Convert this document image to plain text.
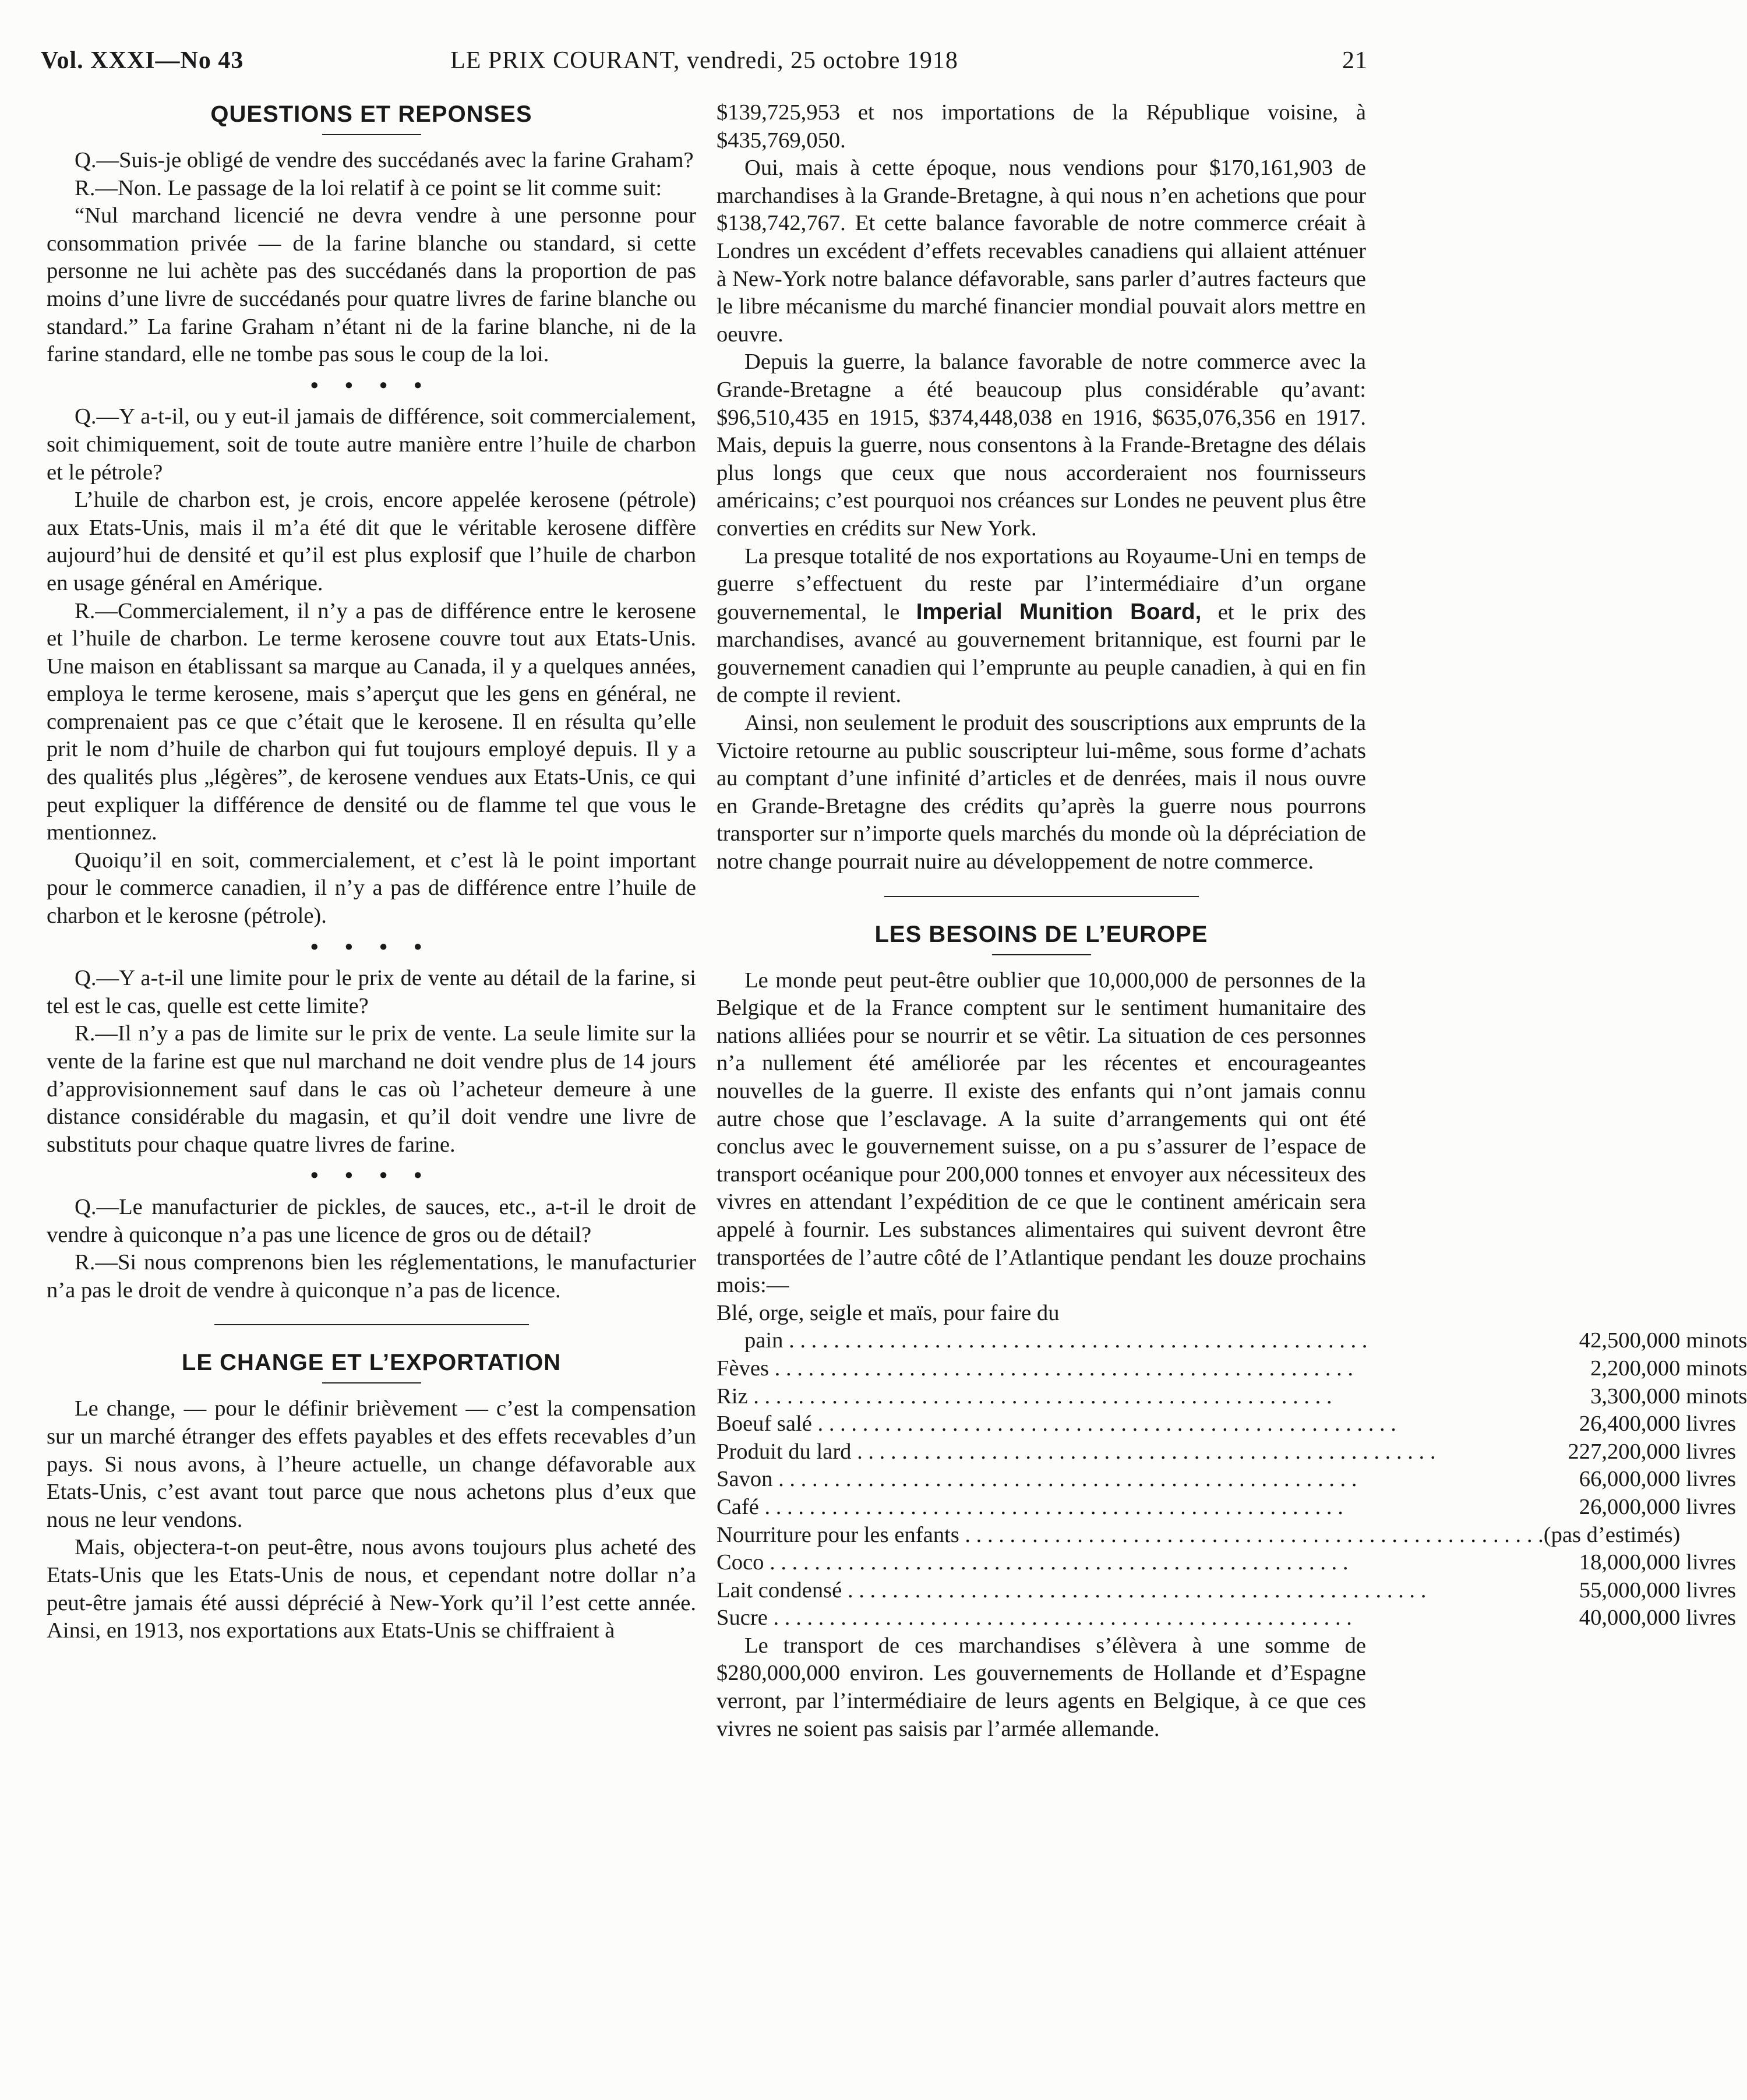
Vol. XXXI—No 43	LE PRIX COURANT, vendredi, 25 octobre 1918	21
QUESTIONS ET REPONSES

Q.—Suis-je obligé de vendre des succédanés avec la farine Graham?

R.—Non. Le passage de la loi relatif à ce point se lit comme suit:

“Nul marchand licencié ne devra vendre à une personne pour consommation privée — de la farine blanche ou standard, si cette personne ne lui achète pas des succédanés dans la proportion de pas moins d’une livre de succédanés pour quatre livres de farine blanche ou standard.” La farine Graham n’étant ni de la farine blanche, ni de la farine standard, elle ne tombe pas sous le coup de la loi.

• • • •

Q.—Y a-t-il, ou y eut-il jamais de différence, soit commercialement, soit chimiquement, soit de toute autre manière entre l’huile de charbon et le pétrole?

L’huile de charbon est, je crois, encore appelée kerosene (pétrole) aux Etats-Unis, mais il m’a été dit que le véritable kerosene diffère aujourd’hui de densité et qu’il est plus explosif que l’huile de charbon en usage général en Amérique.

R.—Commercialement, il n’y a pas de différence entre le kerosene et l’huile de charbon. Le terme kerosene couvre tout aux Etats-Unis. Une maison en établissant sa marque au Canada, il y a quelques années, employa le terme kerosene, mais s’aperçut que les gens en général, ne comprenaient pas ce que c’était que le kerosene. Il en résulta qu’elle prit le nom d’huile de charbon qui fut toujours employé depuis. Il y a des qualités plus „légères”, de kerosene vendues aux Etats-Unis, ce qui peut expliquer la différence de densité ou de flamme tel que vous le mentionnez.

Quoiqu’il en soit, commercialement, et c’est là le point important pour le commerce canadien, il n’y a pas de différence entre l’huile de charbon et le kerosne (pétrole).

• • • •

Q.—Y a-t-il une limite pour le prix de vente au détail de la farine, si tel est le cas, quelle est cette limite?

R.—Il n’y a pas de limite sur le prix de vente. La seule limite sur la vente de la farine est que nul marchand ne doit vendre plus de 14 jours d’approvisionnement sauf dans le cas où l’acheteur demeure à une distance considérable du magasin, et qu’il doit vendre une livre de substituts pour chaque quatre livres de farine.

• • • •

Q.—Le manufacturier de pickles, de sauces, etc., a-t-il le droit de vendre à quiconque n’a pas une licence de gros ou de détail?

R.—Si nous comprenons bien les réglementations, le manufacturier n’a pas le droit de vendre à quiconque n’a pas de licence.

LE CHANGE ET L’EXPORTATION

Le change, — pour le définir brièvement — c’est la compensation sur un marché étranger des effets payables et des effets recevables d’un pays. Si nous avons, à l’heure actuelle, un change défavorable aux Etats-Unis, c’est avant tout parce que nous achetons plus d’eux que nous ne leur vendons.

Mais, objectera-t-on peut-être, nous avons toujours plus acheté des Etats-Unis que les Etats-Unis de nous, et cependant notre dollar n’a peut-être jamais été aussi déprécié à New-York qu’il l’est cette année. Ainsi, en 1913, nos exportations aux Etats-Unis se chiffraient à

$139,725,953 et nos importations de la République voisine, à $435,769,050.

Oui, mais à cette époque, nous vendions pour $170,161,903 de marchandises à la Grande-Bretagne, à qui nous n’en achetions que pour $138,742,767. Et cette balance favorable de notre commerce créait à Londres un excédent d’effets recevables canadiens qui allaient atténuer à New-York notre balance défavorable, sans parler d’autres facteurs que le libre mécanisme du marché financier mondial pouvait alors mettre en oeuvre.

Depuis la guerre, la balance favorable de notre commerce avec la Grande-Bretagne a été beaucoup plus considérable qu’avant: $96,510,435 en 1915, $374,448,038 en 1916, $635,076,356 en 1917. Mais, depuis la guerre, nous consentons à la Frande-Bretagne des délais plus longs que ceux que nous accorderaient nos fournisseurs américains; c’est pourquoi nos créances sur Londes ne peuvent plus être converties en crédits sur New York.

La presque totalité de nos exportations au Royaume-Uni en temps de guerre s’effectuent du reste par l’intermédiaire d’un organe gouvernemental, le Imperial Munition Board, et le prix des marchandises, avancé au gouvernement britannique, est fourni par le gouvernement canadien qui l’emprunte au peuple canadien, à qui en fin de compte il revient.

Ainsi, non seulement le produit des souscriptions aux emprunts de la Victoire retourne au public souscripteur lui-même, sous forme d’achats au comptant d’une infinité d’articles et de denrées, mais il nous ouvre en Grande-Bretagne des crédits qu’après la guerre nous pourrons transporter sur n’importe quels marchés du monde où la dépréciation de notre change pourrait nuire au développement de notre commerce.

LES BESOINS DE L’EUROPE

Le monde peut peut-être oublier que 10,000,000 de personnes de la Belgique et de la France comptent sur le sentiment humanitaire des nations allіées pour se nourrir et se vêtir. La situation de ces personnes n’a nullement été améliorée par les récentes et encourageantes nouvelles de la guerre. Il existe des enfants qui n’ont jamais connu autre chose que l’esclavage. A la suite d’arrangements qui ont été conclus avec le gouvernement suisse, on a pu s’assurer de l’espace de transport océanique pour 200,000 tonnes et envoyer aux nécessiteux des vivres en attendant l’expédition de ce que le continent américain sera appelé à fournir. Les substances alimentaires qui suivent devront être transportées de l’autre côté de l’Atlantique pendant les douze prochains mois:—

Blé, orge, seigle et maïs, pour faire du

pain . . .	42,500,000	minots

Fèves . . .	2,200,000	minots

Riz . . .	3,300,000	minots

Boeuf salé . . .	26,400,000	livres

Produit du lard . . .	227,200,000	livres

Savon . . .	66,000,000	livres

Café . . .	26,000,000	livres

Nourriture pour les enfants . . .	(pas d’estimés)	

Coco . . .	18,000,000	livres

Lait condensé . . .	55,000,000	livres

Sucre . . .	40,000,000	livres

Le transport de ces marchandises s’élèvera à une somme de $280,000,000 environ. Les gouvernements de Hollande et d’Espagne verront, par l’intermédiaire de leurs agents en Belgique, à ce que ces vivres ne soient pas saisis par l’armée allemande.
